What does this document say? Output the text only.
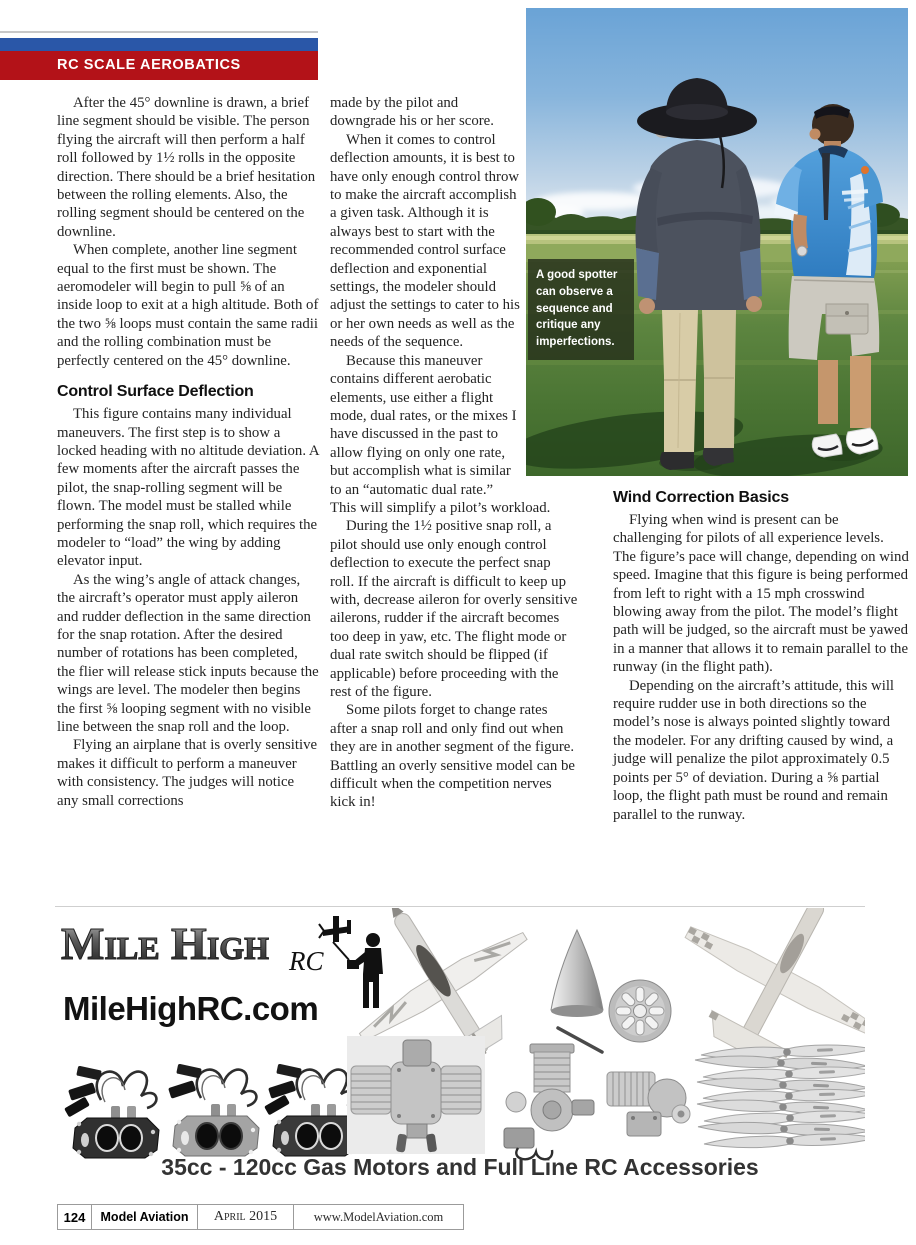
RC SCALE AEROBATICS

After the 45° downline is drawn, a brief line segment should be visible. The person flying the aircraft will then perform a half roll followed by 1½ rolls in the opposite direction. There should be a brief hesitation between the rolling elements. Also, the rolling segment should be centered on the downline.

When complete, another line segment equal to the first must be shown. The aeromodeler will begin to pull ⅝ of an inside loop to exit at a high altitude. Both of the two ⅝ loops must contain the same radii and the rolling combination must be perfectly centered on the 45° downline.

Control Surface Deflection

This figure contains many individual maneuvers. The first step is to show a locked heading with no altitude deviation. A few moments after the aircraft passes the pilot, the snap-rolling segment will be flown. The model must be stalled while performing the snap roll, which requires the modeler to “load” the wing by adding elevator input.

As the wing’s angle of attack changes, the aircraft’s operator must apply aileron and rudder deflection in the same direction for the snap rotation. After the desired number of rotations has been completed, the flier will release stick inputs because the wings are level. The modeler then begins the first ⅝ looping segment with no visible line between the snap roll and the loop.

Flying an airplane that is overly sensitive makes it difficult to perform a maneuver with consistency. The judges will notice any small corrections

made by the pilot and downgrade his or her score.

When it comes to control deflection amounts, it is best to have only enough control throw to make the aircraft accomplish a given task. Although it is always best to start with the recommended control surface deflection and exponential settings, the modeler should adjust the settings to cater to his or her own needs as well as the needs of the sequence.

Because this maneuver contains different aerobatic elements, use either a flight mode, dual rates, or the mixes I have discussed in the past to allow flying on only one rate, but accomplish what is similar to an “automatic dual rate.” This will simplify a pilot’s workload.

During the 1½ positive snap roll, a pilot should use only enough control deflection to execute the perfect snap roll. If the aircraft is difficult to keep up with, decrease aileron for overly sensitive ailerons, rudder if the aircraft becomes too deep in yaw, etc. The flight mode or dual rate switch should be flipped (if applicable) before proceeding with the rest of the figure.

Some pilots forget to change rates after a snap roll and only find out when they are in another segment of the figure. Battling an overly sensitive model can be difficult when the competition nerves kick in!

Wind Correction Basics

Flying when wind is present can be challenging for pilots of all experience levels. The figure’s pace will change, depending on wind speed. Imagine that this figure is being performed from left to right with a 15 mph crosswind blowing away from the pilot. The model’s flight path will be judged, so the aircraft must be yawed in a manner that allows it to remain parallel to the runway (in the flight path).

Depending on the aircraft’s attitude, this will require rudder use in both directions so the model’s nose is always pointed slightly toward the modeler. For any drifting caused by wind, a judge will penalize the pilot approximately 0.5 points per 5° of deviation. During a ⅝ partial loop, the flight path must be round and remain parallel to the runway.

A good spotter can observe a sequence and critique any imperfections.
Mile High RC
MileHighRC.com
35cc - 120cc Gas Motors and Full Line RC Accessories
124	Model Aviation	April 2015	www.ModelAviation.com
